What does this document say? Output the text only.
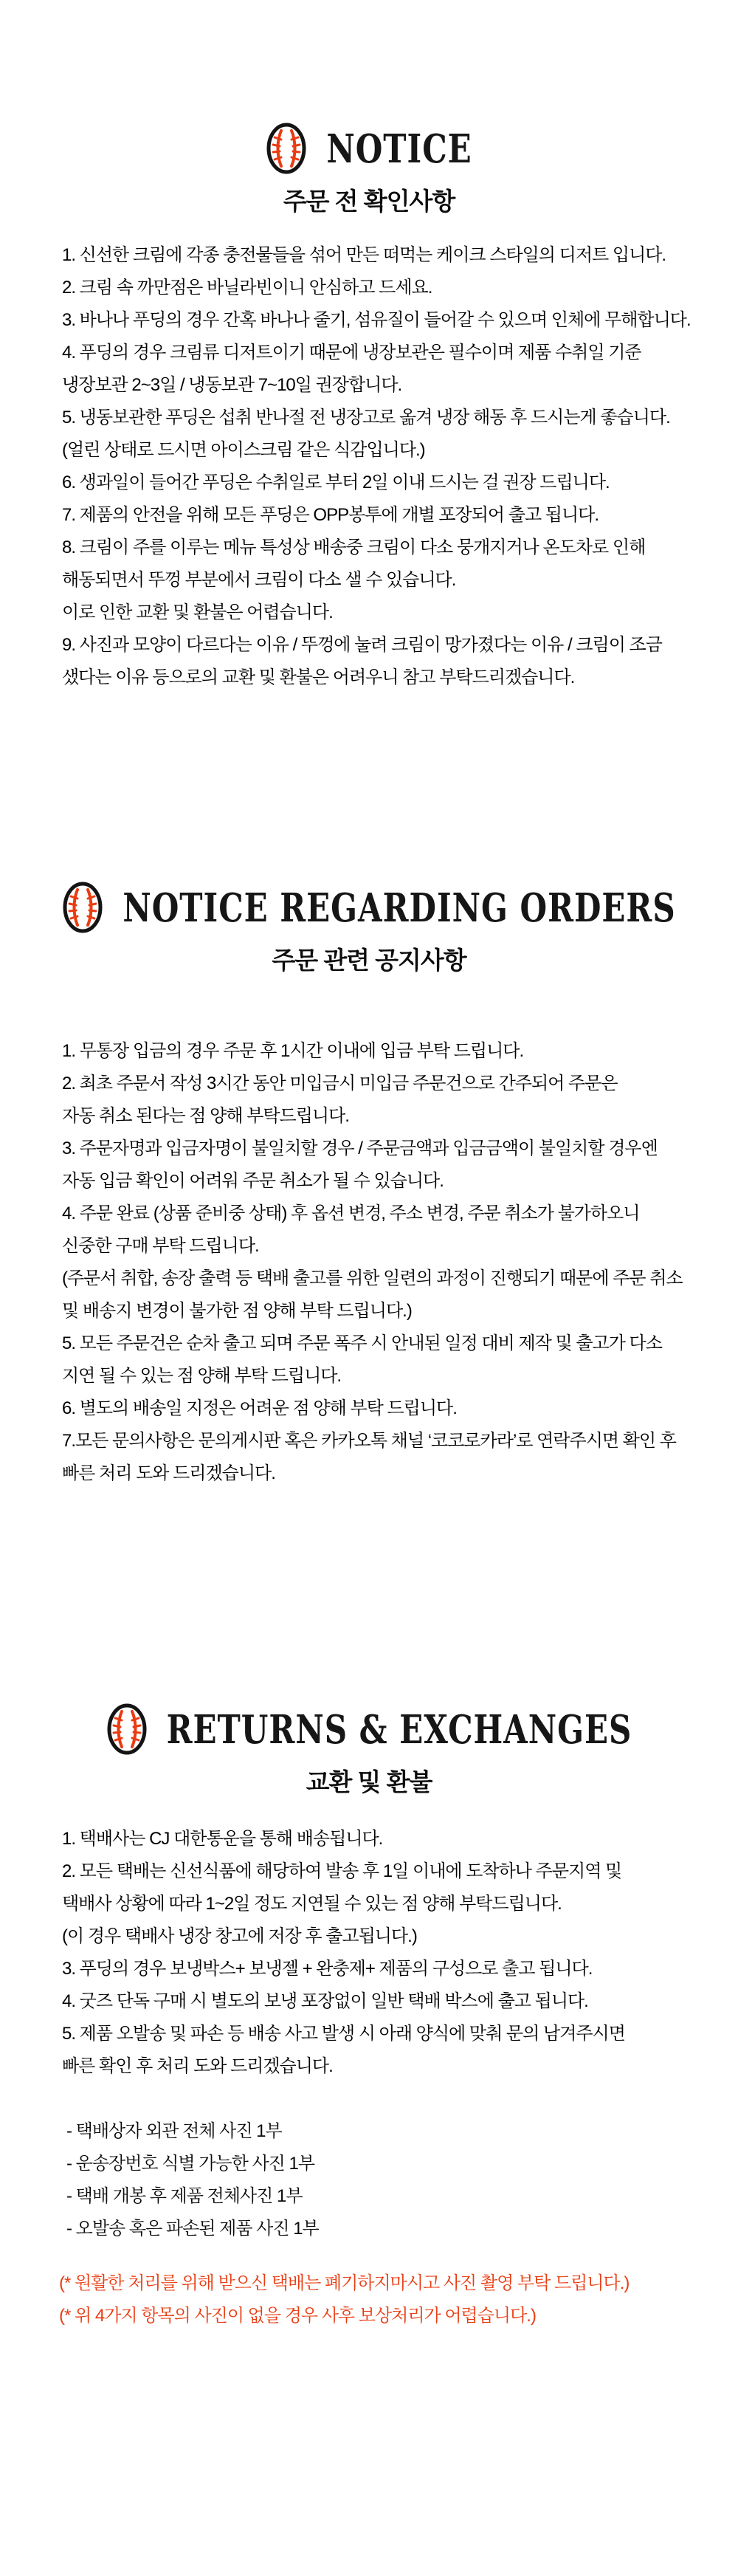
NOTICE
주문 전 확인사항
1. 신선한 크림에 각종 충전물들을 섞어 만든 떠먹는 케이크 스타일의 디저트 입니다.
2. 크림 속 까만점은 바닐라빈이니 안심하고 드세요.
3. 바나나 푸딩의 경우 간혹 바나나 줄기, 섬유질이 들어갈 수 있으며 인체에 무해합니다.
4. 푸딩의 경우 크림류 디저트이기 때문에 냉장보관은 필수이며 제품 수취일 기준
냉장보관 2~3일 / 냉동보관 7~10일 권장합니다.
5. 냉동보관한 푸딩은 섭취 반나절 전 냉장고로 옮겨 냉장 해동 후 드시는게 좋습니다.
(얼린 상태로 드시면 아이스크림 같은 식감입니다.)
6. 생과일이 들어간 푸딩은 수취일로 부터 2일 이내 드시는 걸 권장 드립니다.
7. 제품의 안전을 위해 모든 푸딩은 OPP봉투에 개별 포장되어 출고 됩니다.
8. 크림이 주를 이루는 메뉴 특성상 배송중 크림이 다소 뭉개지거나 온도차로 인해
해동되면서 뚜껑 부분에서 크림이 다소 샐 수 있습니다.
이로 인한 교환 및 환불은 어렵습니다.
9. 사진과 모양이 다르다는 이유 / 뚜껑에 눌려 크림이 망가졌다는 이유 / 크림이 조금
샜다는 이유 등으로의 교환 및 환불은 어려우니 참고 부탁드리겠습니다.
NOTICE REGARDING ORDERS
주문 관련 공지사항
1. 무통장 입금의 경우 주문 후 1시간 이내에 입금 부탁 드립니다.
2. 최초 주문서 작성 3시간 동안 미입금시 미입금 주문건으로 간주되어 주문은
자동 취소 된다는 점 양해 부탁드립니다.
3. 주문자명과 입금자명이 불일치할 경우 / 주문금액과 입금금액이 불일치할 경우엔
자동 입금 확인이 어려워 주문 취소가 될 수 있습니다.
4. 주문 완료 (상품 준비중 상태) 후 옵션 변경, 주소 변경, 주문 취소가 불가하오니
신중한 구매 부탁 드립니다.
(주문서 취합, 송장 출력 등 택배 출고를 위한 일련의 과정이 진행되기 때문에 주문 취소
및 배송지 변경이 불가한 점 양해 부탁 드립니다.)
5. 모든 주문건은 순차 출고 되며 주문 폭주 시 안내된 일정 대비 제작 및 출고가 다소
지연 될 수 있는 점 양해 부탁 드립니다.
6. 별도의 배송일 지정은 어려운 점 양해 부탁 드립니다.
7.모든 문의사항은 문의게시판 혹은 카카오톡 채널 ‘코코로카라’로 연락주시면 확인 후
빠른 처리 도와 드리겠습니다.
RETURNS & EXCHANGES
교환 및 환불
1. 택배사는 CJ 대한통운을 통해 배송됩니다.
2. 모든 택배는 신선식품에 해당하여 발송 후 1일 이내에 도착하나 주문지역 및
택배사 상황에 따라 1~2일 정도 지연될 수 있는 점 양해 부탁드립니다.
(이 경우 택배사 냉장 창고에 저장 후 출고됩니다.)
3. 푸딩의 경우 보냉박스+ 보냉젤 + 완충제+ 제품의 구성으로 출고 됩니다.
4. 굿즈 단독 구매 시 별도의 보냉 포장없이 일반 택배 박스에 출고 됩니다.
5. 제품 오발송 및 파손 등 배송 사고 발생 시 아래 양식에 맞춰 문의 남겨주시면
빠른 확인 후 처리 도와 드리겠습니다.
- 택배상자 외관 전체 사진 1부
- 운송장번호 식별 가능한 사진 1부
- 택배 개봉 후 제품 전체사진 1부
- 오발송 혹은 파손된 제품 사진 1부
(* 원활한 처리를 위해 받으신 택배는 폐기하지마시고 사진 촬영 부탁 드립니다.)
(* 위 4가지 항목의 사진이 없을 경우 사후 보상처리가 어렵습니다.)
